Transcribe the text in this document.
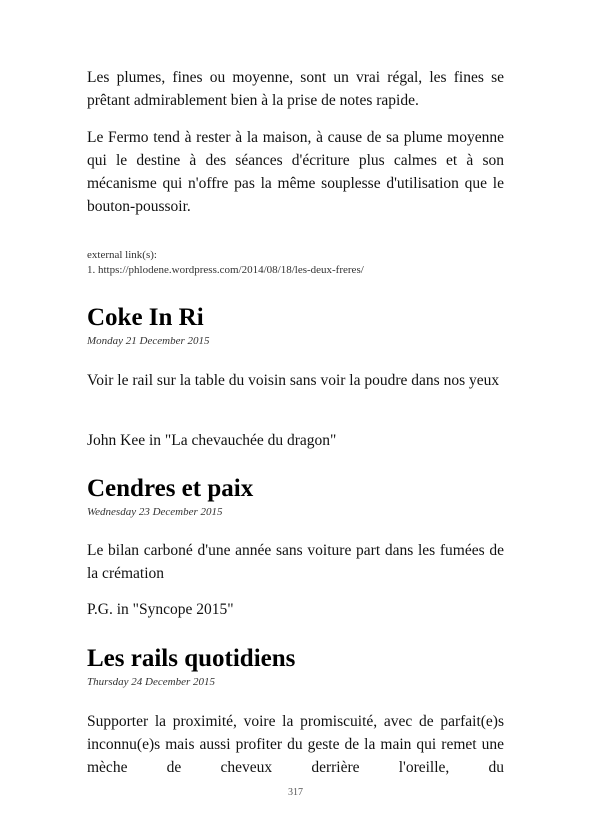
Les plumes, fines ou moyenne, sont un vrai régal, les fines se prêtant admirablement bien à la prise de notes rapide.

Le Fermo tend à rester à la maison, à cause de sa plume moyenne qui le destine à des séances d'écriture plus calmes et à son mécanisme qui n'offre pas la même souplesse d'utilisation que le bouton-poussoir.

external link(s):

1. https://phlodene.wordpress.com/2014/08/18/les-deux-freres/

Coke In Ri
Monday 21 December 2015

Voir le rail sur la table du voisin sans voir la poudre dans nos yeux

John Kee in "La chevauchée du dragon"

Cendres et paix
Wednesday 23 December 2015

Le bilan carboné d'une année sans voiture part dans les fumées de la crémation

P.G. in "Syncope 2015"

Les rails quotidiens
Thursday 24 December 2015

Supporter la proximité, voire la promiscuité, avec de parfait(e)s inconnu(e)s mais aussi profiter du geste de la main qui remet une mèche de cheveux derrière l'oreille, du

317
